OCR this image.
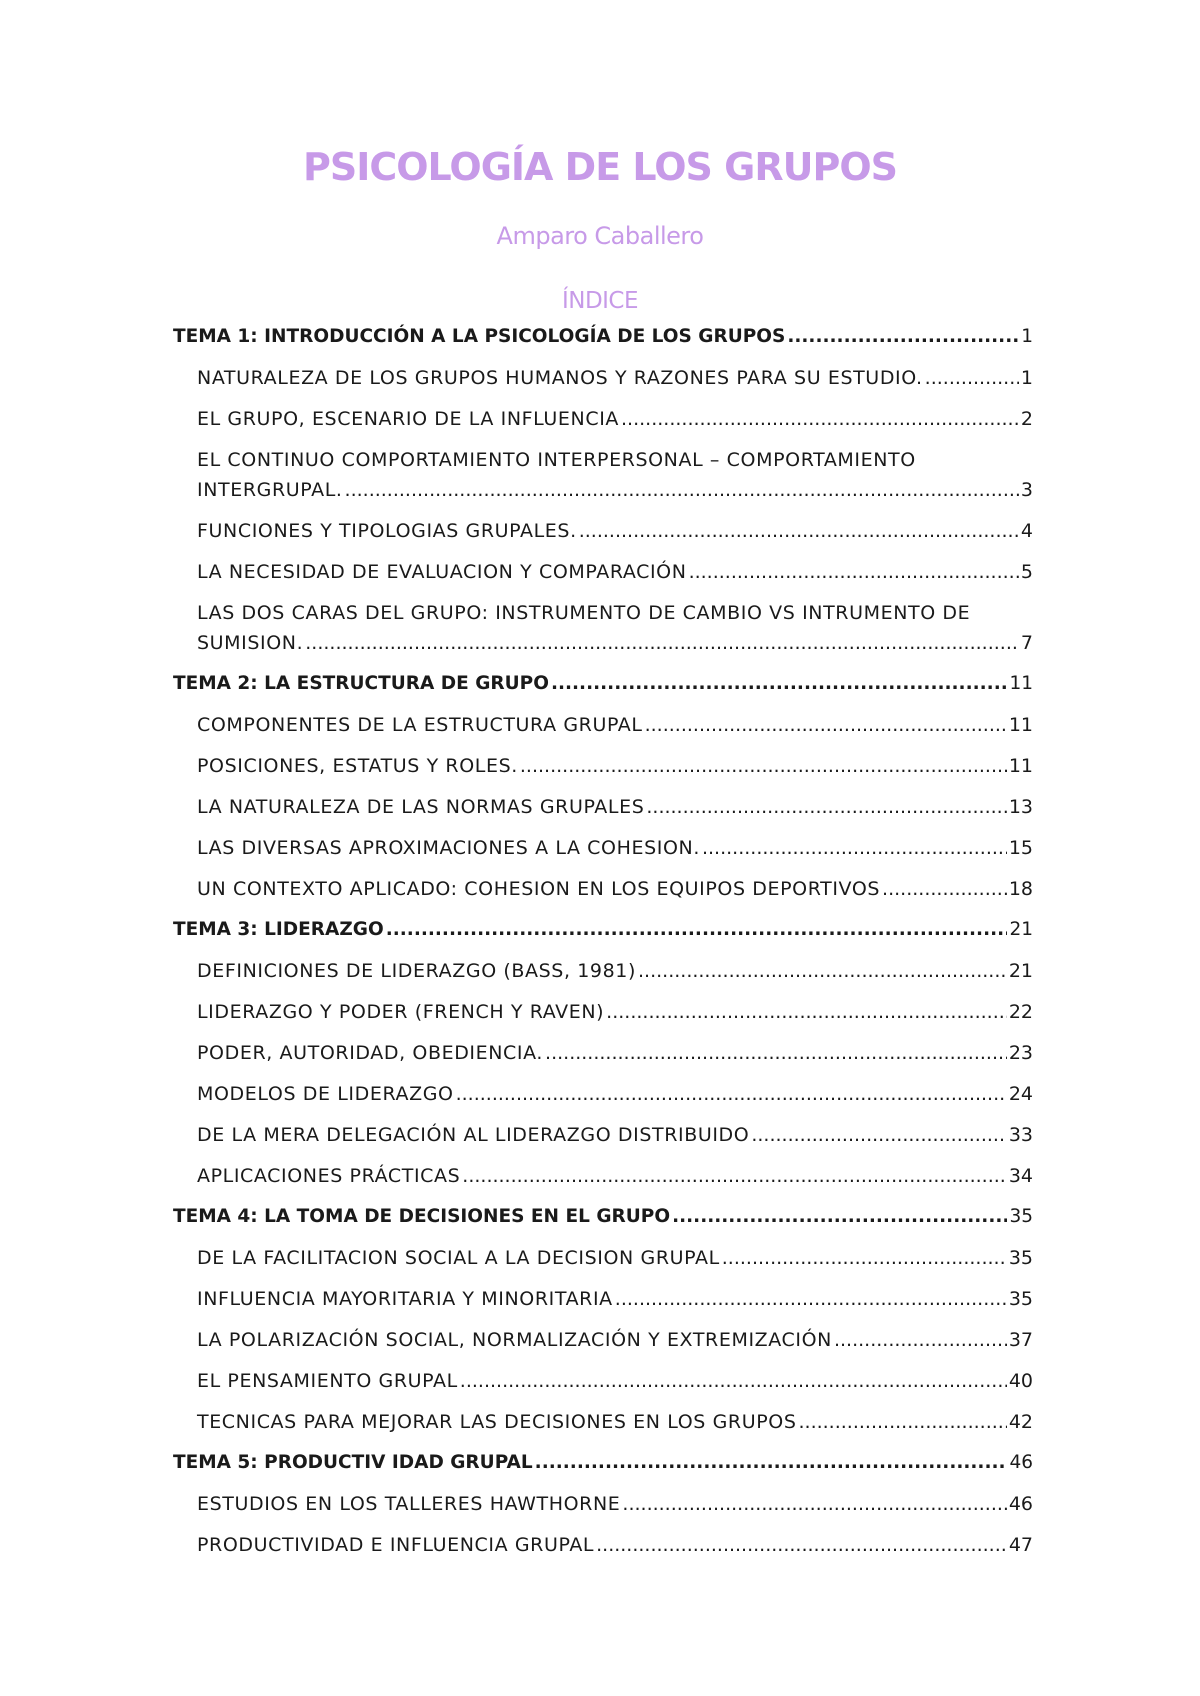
PSICOLOGÍA DE LOS GRUPOS
Amparo Caballero
ÍNDICE
TEMA 1: INTRODUCCIÓN A LA PSICOLOGÍA DE LOS GRUPOS .....	1
NATURALEZA DE LOS GRUPOS HUMANOS Y RAZONES PARA SU ESTUDIO. .....	1
EL GRUPO, ESCENARIO DE LA INFLUENCIA .....	2
EL CONTINUO COMPORTAMIENTO INTERPERSONAL – COMPORTAMIENTO
INTERGRUPAL. .....	3
FUNCIONES Y TIPOLOGIAS GRUPALES. .....	4
LA NECESIDAD DE EVALUACION Y COMPARACIÓN .....	5
LAS DOS CARAS DEL GRUPO: INSTRUMENTO DE CAMBIO VS INTRUMENTO DE
SUMISION. .....	7
TEMA 2: LA ESTRUCTURA DE GRUPO .....	11
COMPONENTES DE LA ESTRUCTURA GRUPAL .....	11
POSICIONES, ESTATUS Y ROLES. .....	11
LA NATURALEZA DE LAS NORMAS GRUPALES .....	13
LAS DIVERSAS APROXIMACIONES A LA COHESION. .....	15
UN CONTEXTO APLICADO: COHESION EN LOS EQUIPOS DEPORTIVOS .....	18
TEMA 3: LIDERAZGO .....	21
DEFINICIONES DE LIDERAZGO (BASS, 1981) .....	21
LIDERAZGO Y PODER (FRENCH Y RAVEN) .....	22
PODER, AUTORIDAD, OBEDIENCIA. .....	23
MODELOS DE LIDERAZGO .....	24
DE LA MERA DELEGACIÓN AL LIDERAZGO DISTRIBUIDO .....	33
APLICACIONES PRÁCTICAS .....	34
TEMA 4: LA TOMA DE DECISIONES EN EL GRUPO .....	35
DE LA FACILITACION SOCIAL A LA DECISION GRUPAL .....	35
INFLUENCIA MAYORITARIA Y MINORITARIA .....	35
LA POLARIZACIÓN SOCIAL, NORMALIZACIÓN Y EXTREMIZACIÓN .....	37
EL PENSAMIENTO GRUPAL .....	40
TECNICAS PARA MEJORAR LAS DECISIONES EN LOS GRUPOS .....	42
TEMA 5: PRODUCTIV IDAD GRUPAL .....	46
ESTUDIOS EN LOS TALLERES HAWTHORNE .....	46
PRODUCTIVIDAD E INFLUENCIA GRUPAL .....	47
